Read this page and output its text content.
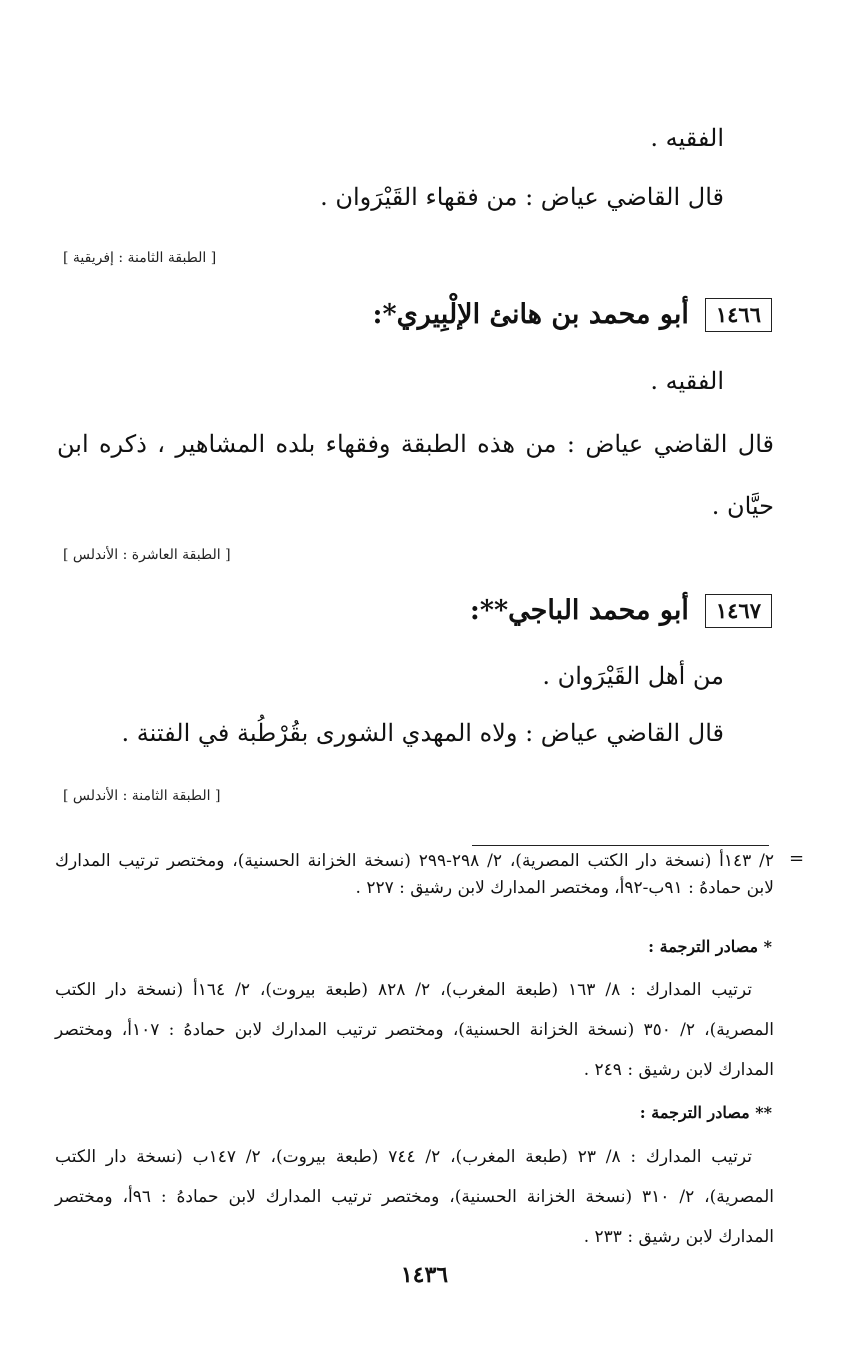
الفقيه .

قال القاضي عياض : من فقهاء القَيْرَوان .

[ الطبقة الثامنة : إفريقية ]

١٤٦٦
أبو محمد بن هانئ الإلْبِيري*:

الفقيه .

قال القاضي عياض : من هذه الطبقة وفقهاء بلده المشاهير ، ذكره ابن حيَّان .

[ الطبقة العاشرة : الأندلس ]

١٤٦٧
أبو محمد الباجي**:

من أهل القَيْرَوان .

قال القاضي عياض : ولاه المهدي الشورى بقُرْطُبة في الفتنة .

[ الطبقة الثامنة : الأندلس ]

=

٢/ ١٤٣أ (نسخة دار الكتب المصرية)، ٢/ ٢٩٨-٢٩٩ (نسخة الخزانة الحسنية)، ومختصر ترتيب المدارك لابن حمادهُ : ٩١ب-٩٢أ، ومختصر المدارك لابن رشيق : ٢٢٧ .

* مصادر الترجمة :

ترتيب المدارك : ٨/ ١٦٣ (طبعة المغرب)، ٢/ ٨٢٨ (طبعة بيروت)، ٢/ ١٦٤أ (نسخة دار الكتب المصرية)، ٢/ ٣٥٠ (نسخة الخزانة الحسنية)، ومختصر ترتيب المدارك لابن حمادهُ : ١٠٧أ، ومختصر المدارك لابن رشيق : ٢٤٩ .

** مصادر الترجمة :

ترتيب المدارك : ٨/ ٢٣ (طبعة المغرب)، ٢/ ٧٤٤ (طبعة بيروت)، ٢/ ١٤٧ب (نسخة دار الكتب المصرية)، ٢/ ٣١٠ (نسخة الخزانة الحسنية)، ومختصر ترتيب المدارك لابن حمادهُ : ٩٦أ، ومختصر المدارك لابن رشيق : ٢٣٣ .

١٤٣٦
